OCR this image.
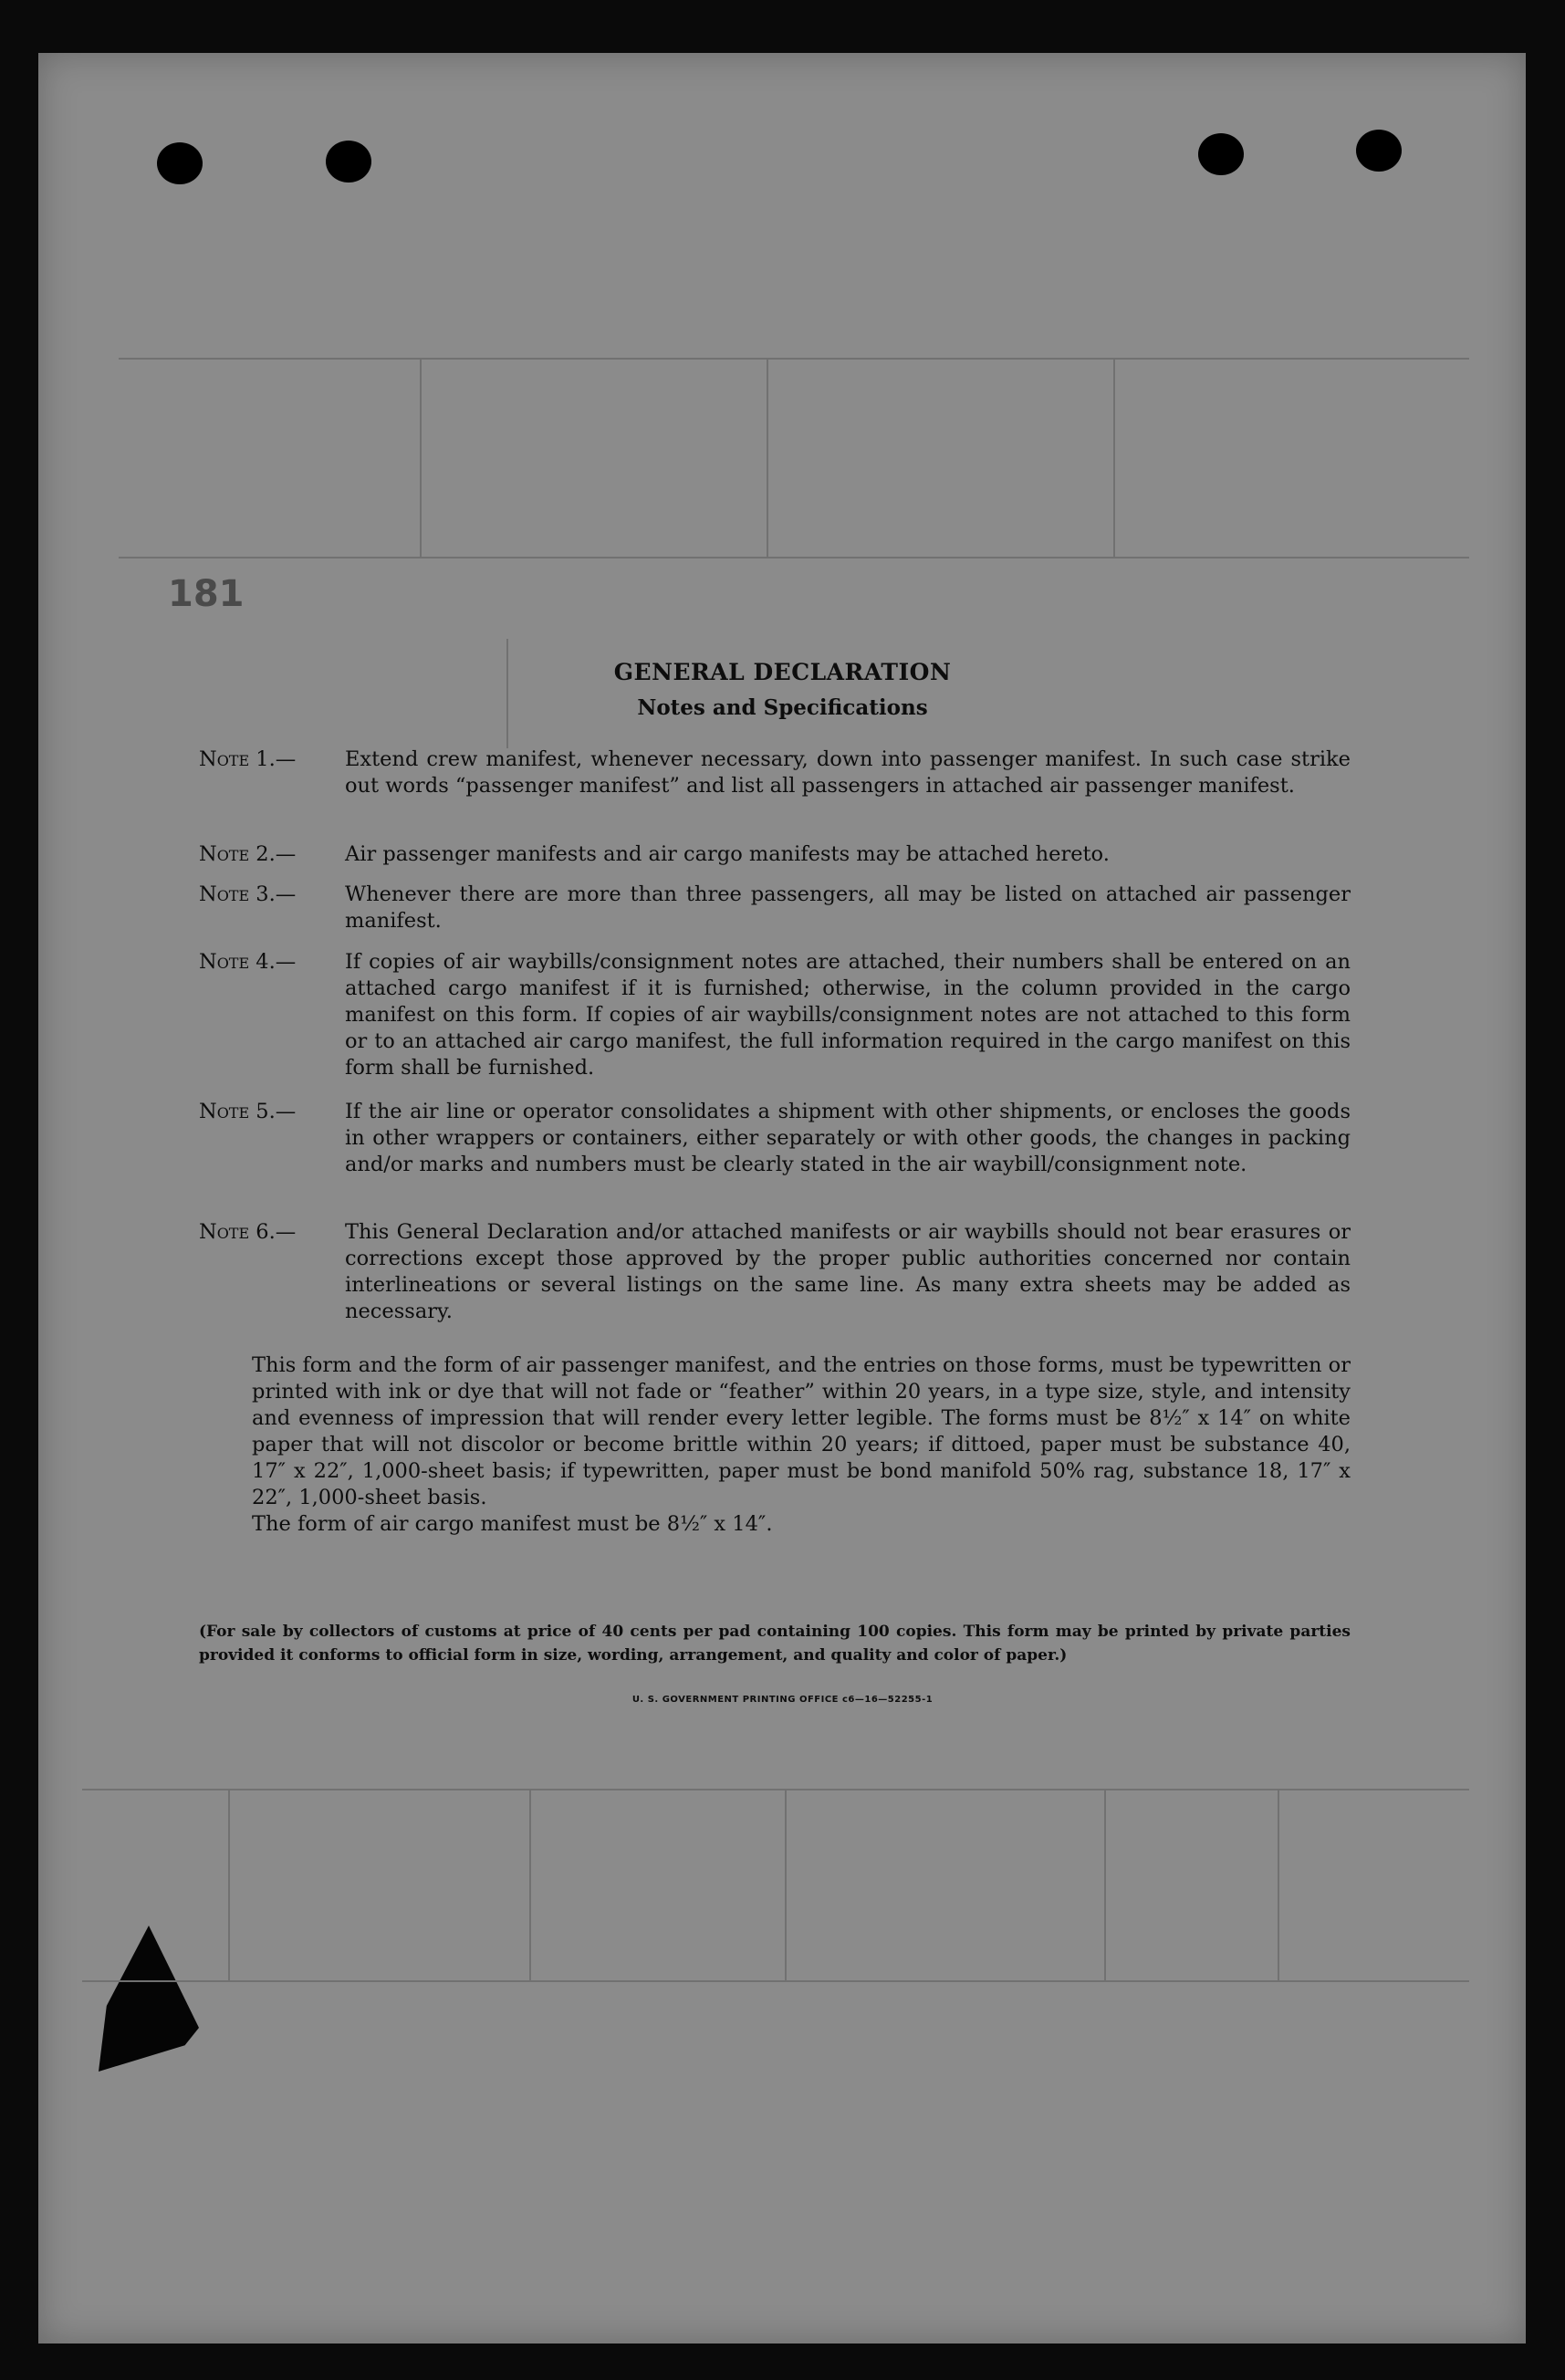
181
GENERAL DECLARATION
Notes and Specifications
Note 1.— Extend crew manifest, whenever necessary, down into passenger manifest. In such case strike out words “passenger manifest” and list all passengers in attached air passenger manifest.
Note 2.— Air passenger manifests and air cargo manifests may be attached hereto.
Note 3.— Whenever there are more than three passengers, all may be listed on attached air passenger manifest.
Note 4.— If copies of air waybills/consignment notes are attached, their numbers shall be entered on an attached cargo manifest if it is furnished; otherwise, in the column provided in the cargo manifest on this form. If copies of air waybills/consignment notes are not attached to this form or to an attached air cargo manifest, the full information required in the cargo manifest on this form shall be furnished.
Note 5.— If the air line or operator consolidates a shipment with other shipments, or encloses the goods in other wrappers or containers, either separately or with other goods, the changes in packing and/or marks and numbers must be clearly stated in the air waybill/consignment note.
Note 6.— This General Declaration and/or attached manifests or air waybills should not bear erasures or corrections except those approved by the proper public authorities concerned nor contain interlineations or several listings on the same line. As many extra sheets may be added as necessary.
This form and the form of air passenger manifest, and the entries on those forms, must be typewritten or printed with ink or dye that will not fade or “feather” within 20 years, in a type size, style, and intensity and evenness of impression that will render every letter legible. The forms must be 8½″ x 14″ on white paper that will not discolor or become brittle within 20 years; if dittoed, paper must be substance 40, 17″ x 22″, 1,000-sheet basis; if typewritten, paper must be bond manifold 50% rag, substance 18, 17″ x 22″, 1,000-sheet basis.
The form of air cargo manifest must be 8½″ x 14″.
(For sale by collectors of customs at price of 40 cents per pad containing 100 copies. This form may be printed by private parties provided it conforms to official form in size, wording, arrangement, and quality and color of paper.)
U. S. GOVERNMENT PRINTING OFFICE c6—16—52255-1
